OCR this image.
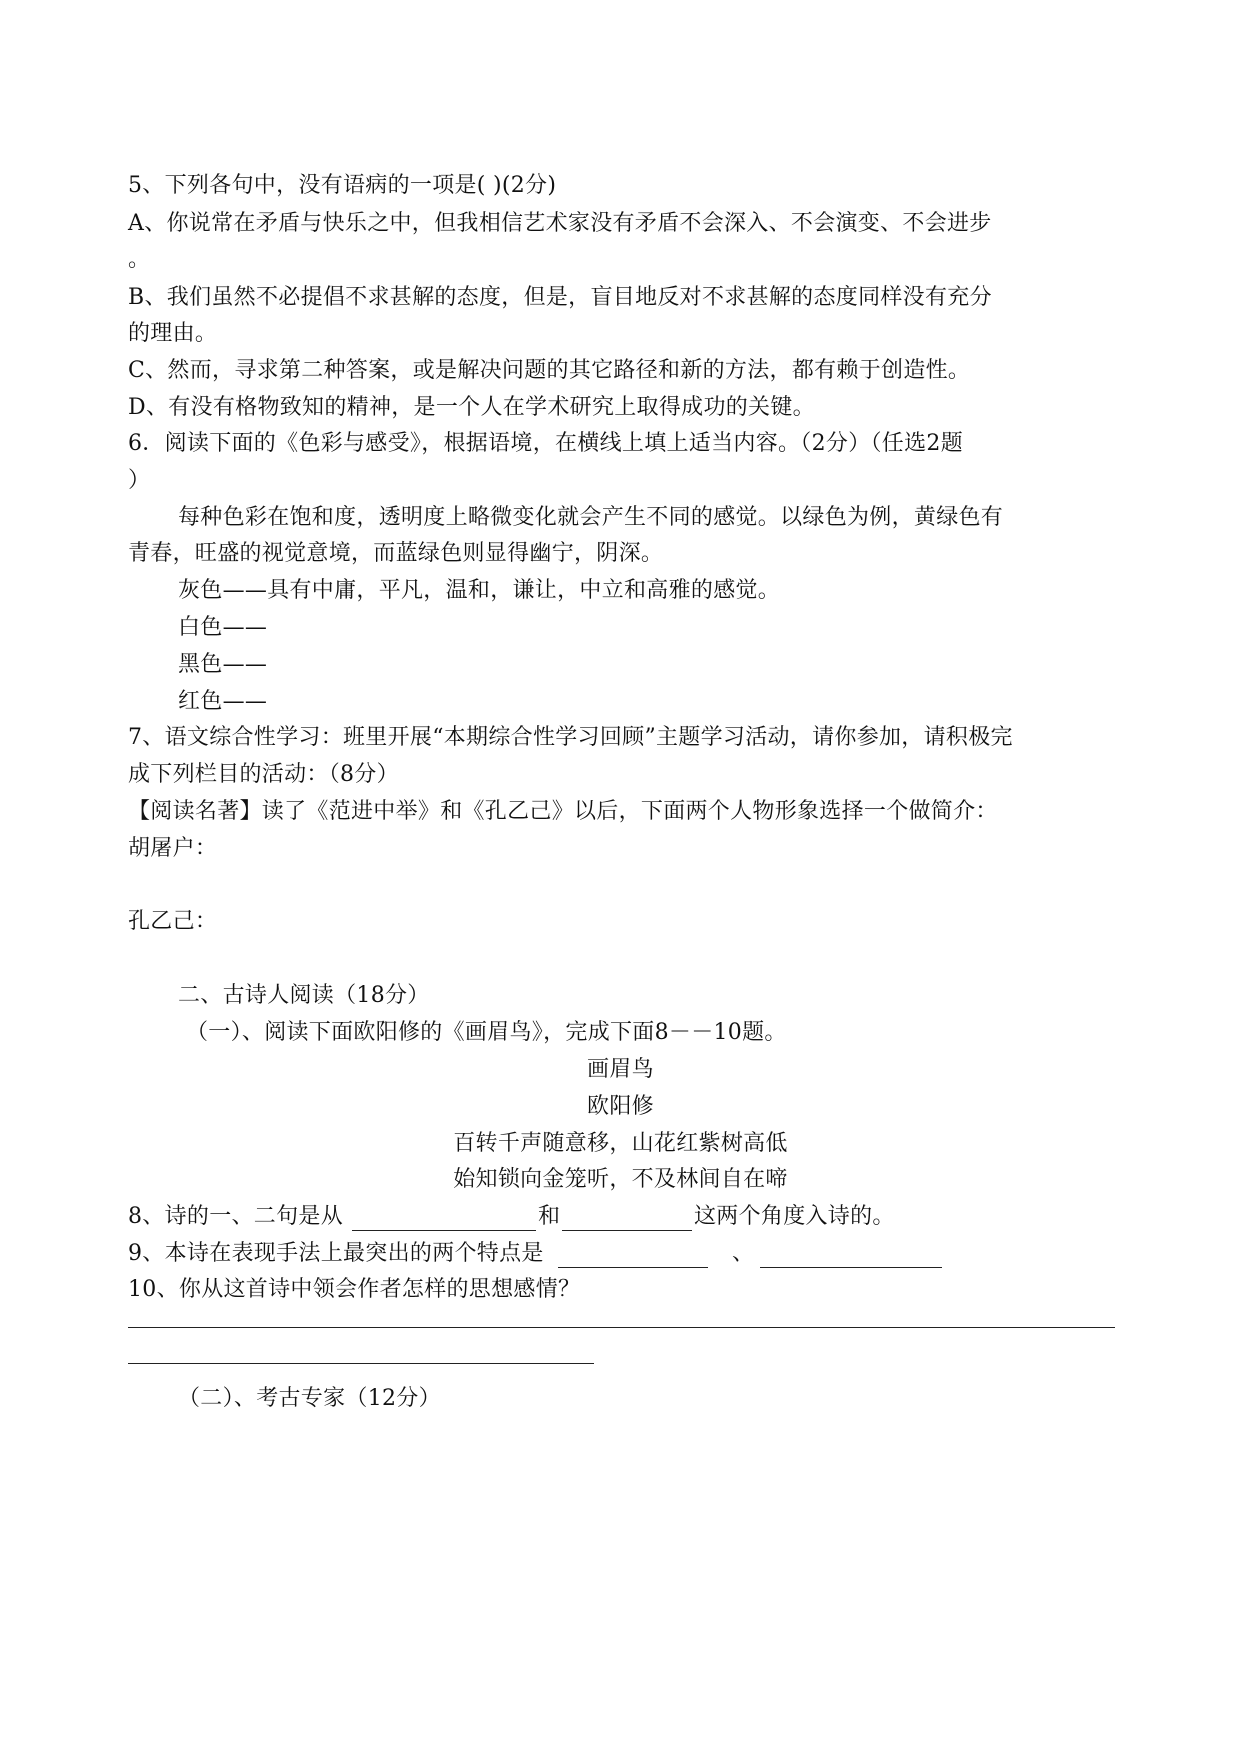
5、下列各句中，没有语病的一项是( )(2分)
A、你说常在矛盾与快乐之中，但我相信艺术家没有矛盾不会深入、不会演变、不会进步
。
B、我们虽然不必提倡不求甚解的态度，但是，盲目地反对不求甚解的态度同样没有充分
的理由。
C、然而，寻求第二种答案，或是解决问题的其它路径和新的方法，都有赖于创造性。
D、有没有格物致知的精神，是一个人在学术研究上取得成功的关键。
6．阅读下面的《色彩与感受》，根据语境，在横线上填上适当内容。（2分）（任选2题
）
每种色彩在饱和度，透明度上略微变化就会产生不同的感觉。以绿色为例，黄绿色有
青春，旺盛的视觉意境，而蓝绿色则显得幽宁，阴深。
灰色——具有中庸，平凡，温和，谦让，中立和高雅的感觉。
白色——
黑色——
红色——
7、语文综合性学习：班里开展“本期综合性学习回顾”主题学习活动，请你参加，请积极完
成下列栏目的活动：（8分）
【阅读名著】读了《范进中举》和《孔乙己》以后，下面两个人物形象选择一个做简介：
胡屠户：
孔乙己：
二、古诗人阅读（18分）
（一）、阅读下面欧阳修的《画眉鸟》，完成下面8－－10题。
画眉鸟
欧阳修
百转千声随意移，山花红紫树高低
始知锁向金笼听，不及林间自在啼
8、诗的一、二句是从	和	这两个角度入诗的。
9、本诗在表现手法上最突出的两个特点是	、
10、你从这首诗中领会作者怎样的思想感情？
（二）、考古专家（12分）
